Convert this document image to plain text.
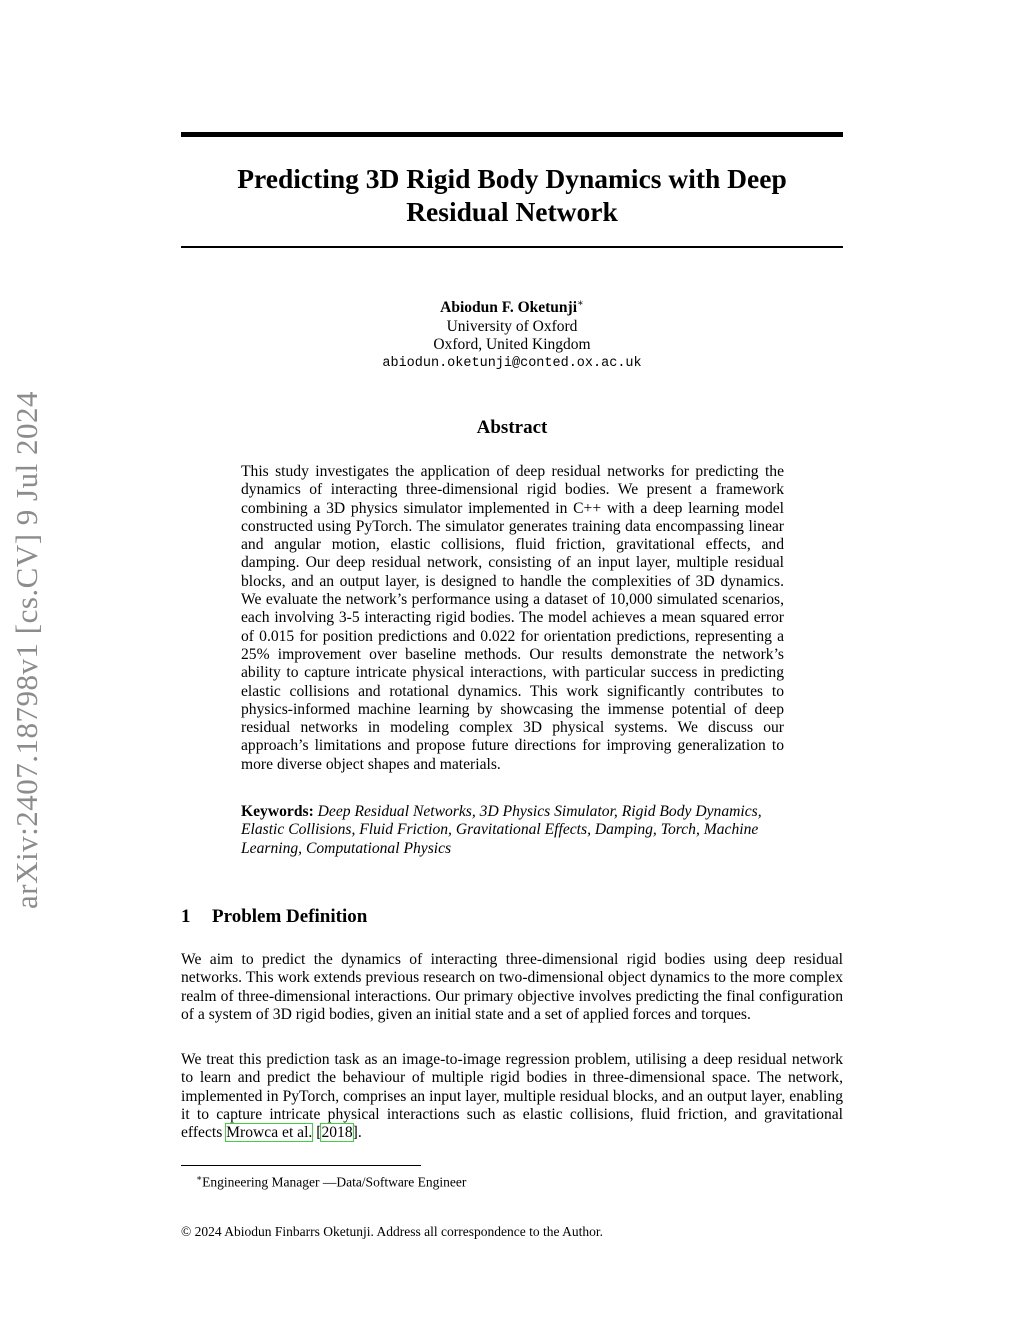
arXiv:2407.18798v1 [cs.CV] 9 Jul 2024
Predicting 3D Rigid Body Dynamics with Deep
Residual Network
Abiodun F. Oketunji∗
University of Oxford
Oxford, United Kingdom
abiodun.oketunji@conted.ox.ac.uk
Abstract

This study investigates the application of deep residual networks for predicting the dynamics of interacting three-dimensional rigid bodies. We present a framework combining a 3D physics simulator implemented in C++ with a deep learning model constructed using PyTorch. The simulator generates training data encompassing linear and angular motion, elastic collisions, fluid friction, gravitational effects, and damping. Our deep residual network, consisting of an input layer, multiple residual blocks, and an output layer, is designed to handle the complexities of 3D dynamics. We evaluate the network’s performance using a dataset of 10,000 simulated scenarios, each involving 3-5 interacting rigid bodies. The model achieves a mean squared error of 0.015 for position predictions and 0.022 for orientation predictions, representing a 25% improvement over baseline methods. Our results demonstrate the network’s ability to capture intricate physical interactions, with particular success in predicting elastic collisions and rotational dynamics. This work significantly contributes to physics-informed machine learning by showcasing the immense potential of deep residual networks in modeling complex 3D physical systems. We discuss our approach’s limitations and propose future directions for improving generalization to more diverse object shapes and materials.

Keywords: Deep Residual Networks, 3D Physics Simulator, Rigid Body Dynamics, Elastic Collisions, Fluid Friction, Gravitational Effects, Damping, Torch, Machine Learning, Computational Physics

1 Problem Definition

We aim to predict the dynamics of interacting three-dimensional rigid bodies using deep residual networks. This work extends previous research on two-dimensional object dynamics to the more complex realm of three-dimensional interactions. Our primary objective involves predicting the final configuration of a system of 3D rigid bodies, given an initial state and a set of applied forces and torques.

We treat this prediction task as an image-to-image regression problem, utilising a deep residual network to learn and predict the behaviour of multiple rigid bodies in three-dimensional space. The network, implemented in PyTorch, comprises an input layer, multiple residual blocks, and an output layer, enabling it to capture intricate physical interactions such as elastic collisions, fluid friction, and gravitational effects Mrowca et al. [2018].

∗Engineering Manager —Data/Software Engineer

© 2024 Abiodun Finbarrs Oketunji. Address all correspondence to the Author.
